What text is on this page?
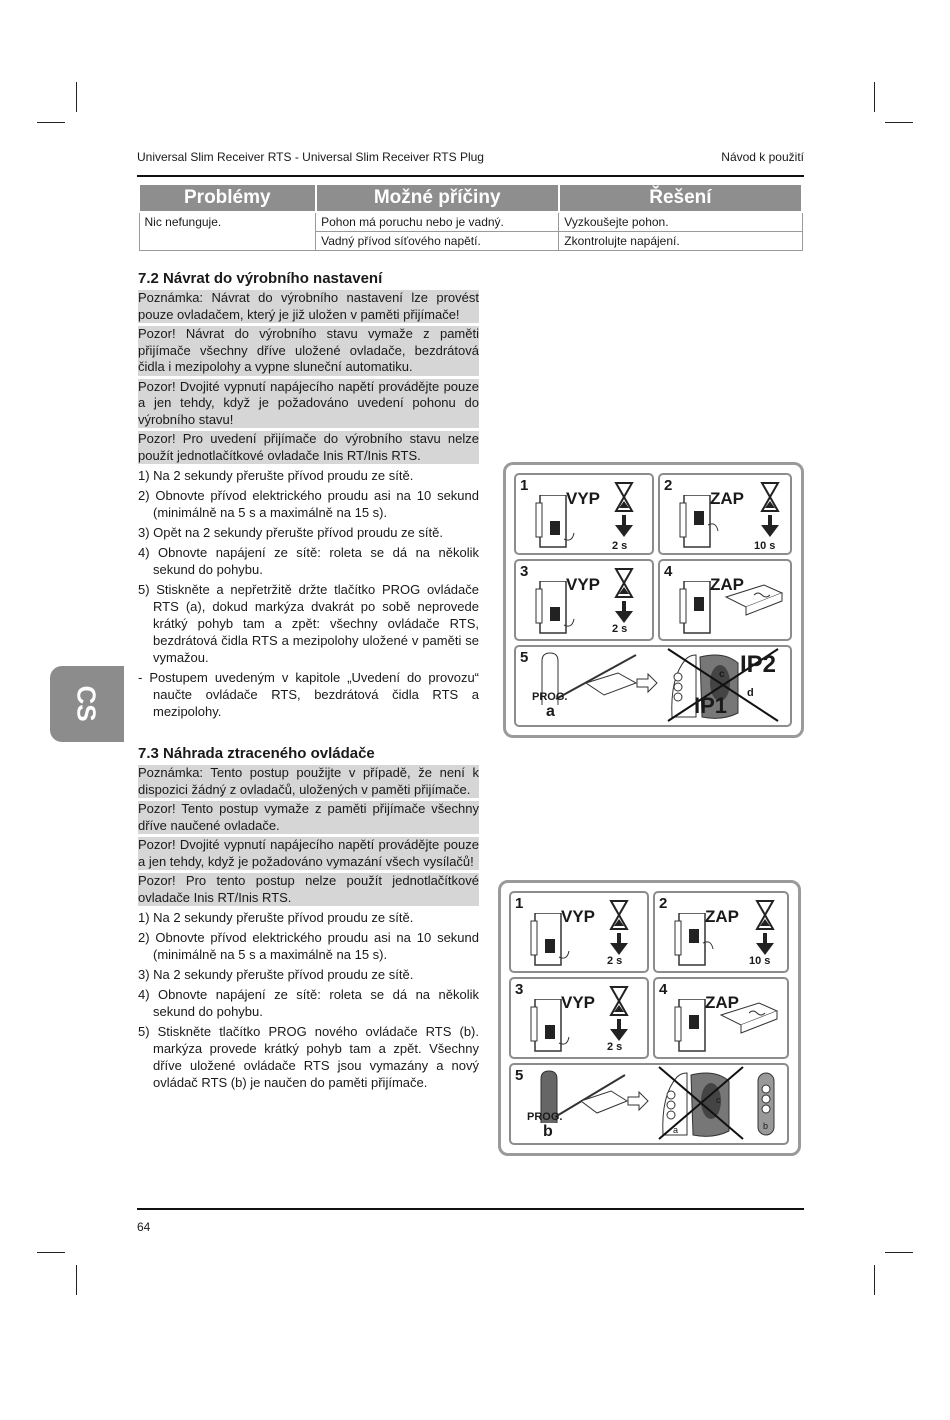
Universal Slim Receiver RTS - Universal Slim Receiver RTS Plug	Návod k použití
Problémy	Možné příčiny	Řešení
Nic nefunguje.	Pohon má poruchu nebo je vadný.	Vyzkoušejte pohon.
	Vadný přívod síťového napětí.	Zkontrolujte napájení.
7.2 Návrat do výrobního nastavení

Poznámka: Návrat do výrobního nastavení lze provést pouze ovladačem, který je již uložen v paměti přijímače!

Pozor! Návrat do výrobního stavu vymaže z paměti přijímače všechny dříve uložené ovladače, bezdrátová čidla i mezipolohy a vypne sluneční automatiku.

Pozor! Dvojité vypnutí napájecího napětí provádějte pouze a jen tehdy, když je požadováno uvedení pohonu do výrobního stavu!

Pozor! Pro uvedení přijímače do výrobního stavu nelze použít jednotlačítkové ovladače Inis RT/Inis RTS.

1) Na 2 sekundy přerušte přívod proudu ze sítě.
2) Obnovte přívod elektrického proudu asi na 10 sekund (minimálně na 5 s a maximálně na 15 s).
3) Opět na 2 sekundy přerušte přívod proudu ze sítě.
4) Obnovte napájení ze sítě: roleta se dá na několik sekund do pohybu.
5) Stiskněte a nepřetržitě držte tlačítko PROG ovládače RTS (a), dokud markýza dvakrát po sobě neprovede krátký pohyb tam a zpět: všechny ovládače RTS, bezdrátová čidla RTS a mezipolohy uložené v paměti se vymažou.
- Postupem uvedeným v kapitole „Uvedení do provozu“ naučte ovládače RTS, bezdrátová čidla RTS a mezipolohy.
7.3 Náhrada ztraceného ovládače

Poznámka: Tento postup použijte v případě, že není k dispozici žádný z ovladačů, uložených v paměti přijímače.

Pozor! Tento postup vymaže z paměti přijímače všechny dříve naučené ovladače.

Pozor! Dvojité vypnutí napájecího napětí provádějte pouze a jen tehdy, když je požadováno vymazání všech vysílačů!

Pozor! Pro tento postup nelze použít jednotlačítkové ovladače Inis RT/Inis RTS.

1) Na 2 sekundy přerušte přívod proudu ze sítě.
2) Obnovte přívod elektrického proudu asi na 10 sekund (minimálně na 5 s a maximálně na 15 s).
3) Na 2 sekundy přerušte přívod proudu ze sítě.
4) Obnovte napájení ze sítě: roleta se dá na několik sekund do pohybu.
5) Stiskněte tlačítko PROG nového ovládače RTS (b). markýza provede krátký pohyb tam a zpět. Všechny dříve uložené ovládače RTS jsou vymazány a nový ovládač RTS (b) je naučen do paměti přijímače.
CS
1
VYP
2 s
2
ZAP
10 s
3
VYP
2 s
4
ZAP
5
PROG.
a
c
d
IP2
IP1
1
VYP
2 s
2
ZAP
10 s
3
VYP
2 s
4
ZAP
5
PROG.
b	a
c
b
64
